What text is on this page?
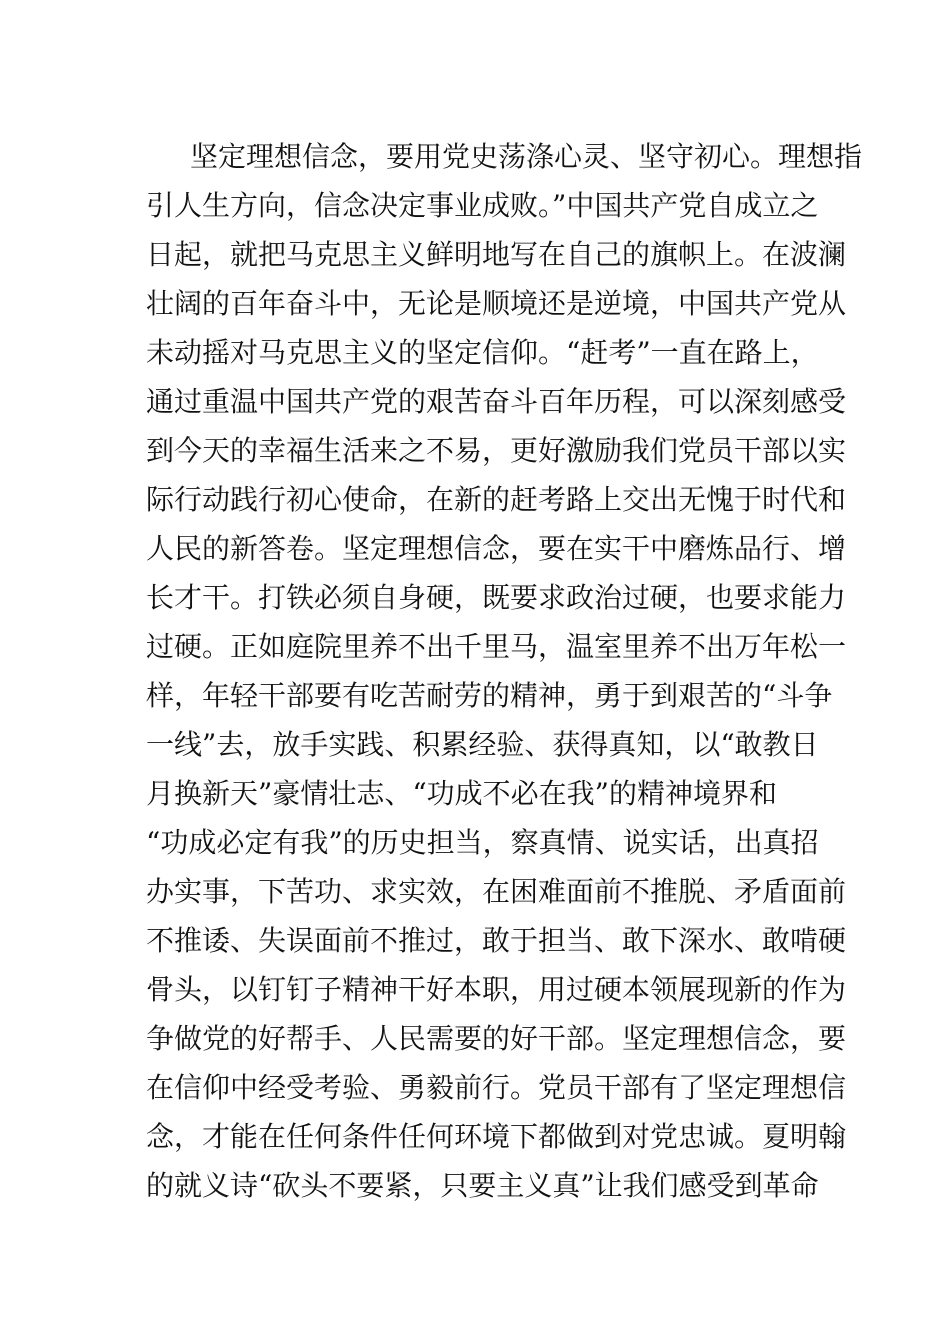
坚定理想信念，要用党史荡涤心灵、坚守初心。理想指
引人生方向，信念决定事业成败。”中国共产党自成立之
日起，就把马克思主义鲜明地写在自己的旗帜上。在波澜
壮阔的百年奋斗中，无论是顺境还是逆境，中国共产党从
未动摇对马克思主义的坚定信仰。“赶考”一直在路上，
通过重温中国共产党的艰苦奋斗百年历程，可以深刻感受
到今天的幸福生活来之不易，更好激励我们党员干部以实
际行动践行初心使命，在新的赶考路上交出无愧于时代和
人民的新答卷。坚定理想信念，要在实干中磨炼品行、增
长才干。打铁必须自身硬，既要求政治过硬，也要求能力
过硬。正如庭院里养不出千里马，温室里养不出万年松一
样，年轻干部要有吃苦耐劳的精神，勇于到艰苦的“斗争
一线”去，放手实践、积累经验、获得真知，以“敢教日
月换新天”豪情壮志、“功成不必在我”的精神境界和
“功成必定有我”的历史担当，察真情、说实话，出真招
办实事，下苦功、求实效，在困难面前不推脱、矛盾面前
不推诿、失误面前不推过，敢于担当、敢下深水、敢啃硬
骨头，以钉钉子精神干好本职，用过硬本领展现新的作为
争做党的好帮手、人民需要的好干部。坚定理想信念，要
在信仰中经受考验、勇毅前行。党员干部有了坚定理想信
念，才能在任何条件任何环境下都做到对党忠诚。夏明翰
的就义诗“砍头不要紧，只要主义真”让我们感受到革命
